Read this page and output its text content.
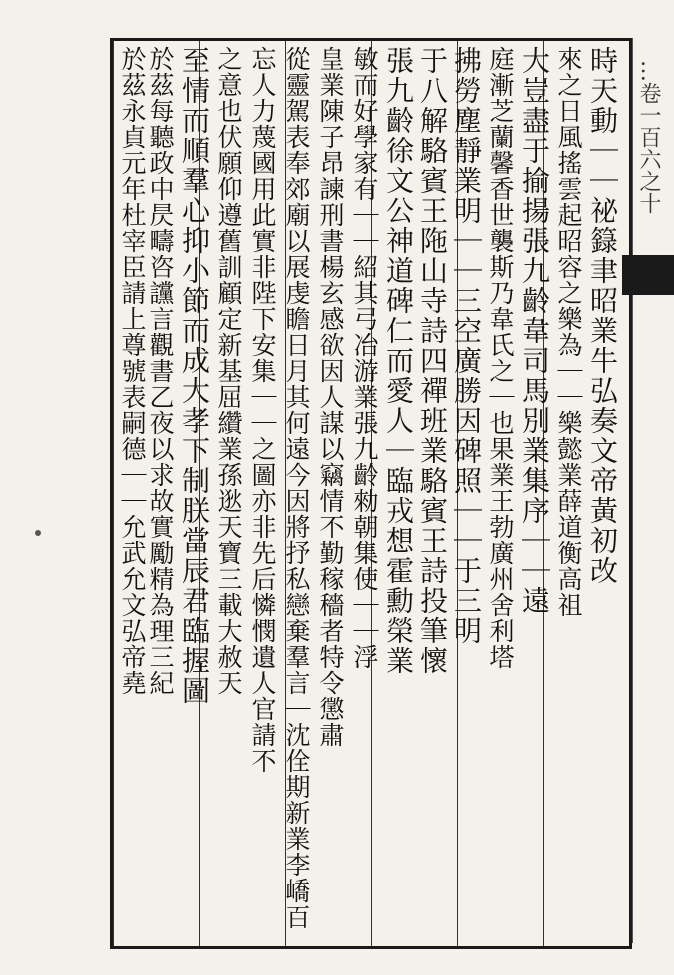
…卷一百六之十
時天動｜｜祕籙聿昭業牛弘奏文帝黃初改
來之日風搖雲起昭容之樂為｜｜樂懿業薛道衡高祖
大豈盡于揄揚張九齡韋司馬別業集序｜｜遠
庭漸芝蘭馨香世襲斯乃韋氏之｜也果業王勃廣州舍利塔
拂勞塵靜業明｜｜三空廣勝因碑照｜｜于三明
于八解駱賓王陁山寺詩四禪班業駱賓王詩投筆懷
張九齡徐文公神道碑仁而愛人｜臨戎想霍勳榮業
敏而好學家有｜｜紹其弓冶游業張九齡勑朝集使｜｜浮
皇業陳子昂諫刑書楊玄感欲因人謀以竊情不勤稼穡者特令懲肅
從靈駕表奉郊廟以展虔瞻日月其何遠今因將抒私戀棄羣言｜沈佺期新業李嶠百
忘人力蔑國用此實非陛下安集｜｜之圖亦非先后憐憫遺人官請不
之意也伏願仰遵舊訓顧定新基屈纘業孫逖天寶三載大赦天
至情而順羣心抑小節而成大孝下制朕當辰君臨握圖
於茲每聽政中昃疇咨讜言觀書乙夜以求故實勵精為理三紀
於茲永貞元年杜宰臣請上尊號表嗣德｜｜允武允文弘帝堯
